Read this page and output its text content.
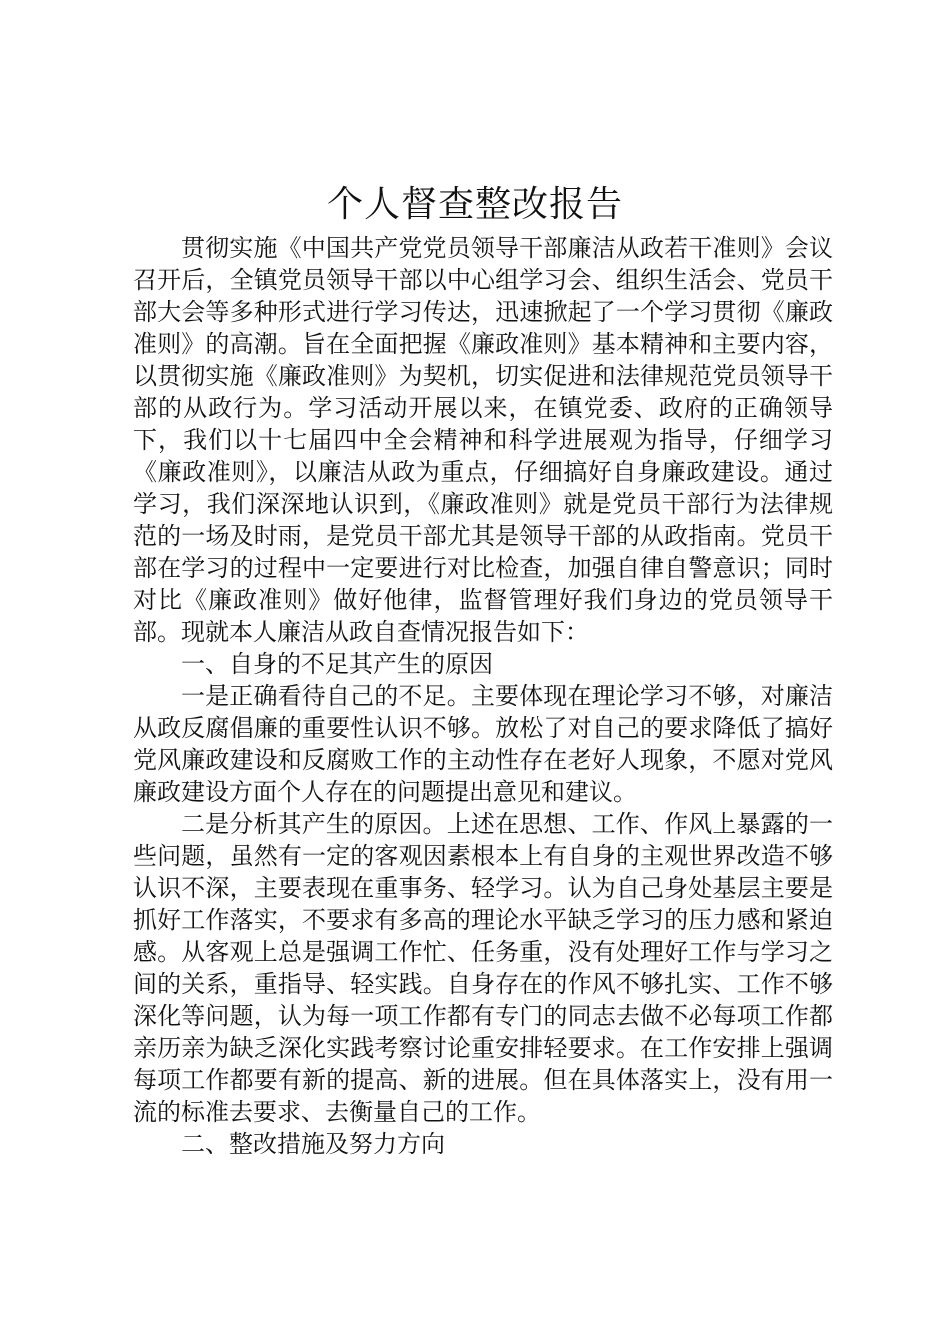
个人督查整改报告

贯彻实施《中国共产党党员领导干部廉洁从政若干准则》会议召开后，全镇党员领导干部以中心组学习会、组织生活会、党员干部大会等多种形式进行学习传达，迅速掀起了一个学习贯彻《廉政准则》的高潮。旨在全面把握《廉政准则》基本精神和主要内容，以贯彻实施《廉政准则》为契机，切实促进和法律规范党员领导干部的从政行为。学习活动开展以来，在镇党委、政府的正确领导下，我们以十七届四中全会精神和科学进展观为指导，仔细学习《廉政准则》，以廉洁从政为重点，仔细搞好自身廉政建设。通过学习，我们深深地认识到，《廉政准则》就是党员干部行为法律规范的一场及时雨，是党员干部尤其是领导干部的从政指南。党员干部在学习的过程中一定要进行对比检查，加强自律自警意识；同时对比《廉政准则》做好他律，监督管理好我们身边的党员领导干部。现就本人廉洁从政自查情况报告如下：

一、自身的不足其产生的原因

一是正确看待自己的不足。主要体现在理论学习不够，对廉洁从政反腐倡廉的重要性认识不够。放松了对自己的要求降低了搞好党风廉政建设和反腐败工作的主动性存在老好人现象，不愿对党风廉政建设方面个人存在的问题提出意见和建议。

二是分析其产生的原因。上述在思想、工作、作风上暴露的一些问题，虽然有一定的客观因素根本上有自身的主观世界改造不够认识不深，主要表现在重事务、轻学习。认为自己身处基层主要是抓好工作落实，不要求有多高的理论水平缺乏学习的压力感和紧迫感。从客观上总是强调工作忙、任务重，没有处理好工作与学习之间的关系，重指导、轻实践。自身存在的作风不够扎实、工作不够深化等问题，认为每一项工作都有专门的同志去做不必每项工作都亲历亲为缺乏深化实践考察讨论重安排轻要求。在工作安排上强调每项工作都要有新的提高、新的进展。但在具体落实上，没有用一流的标准去要求、去衡量自己的工作。

二、整改措施及努力方向
